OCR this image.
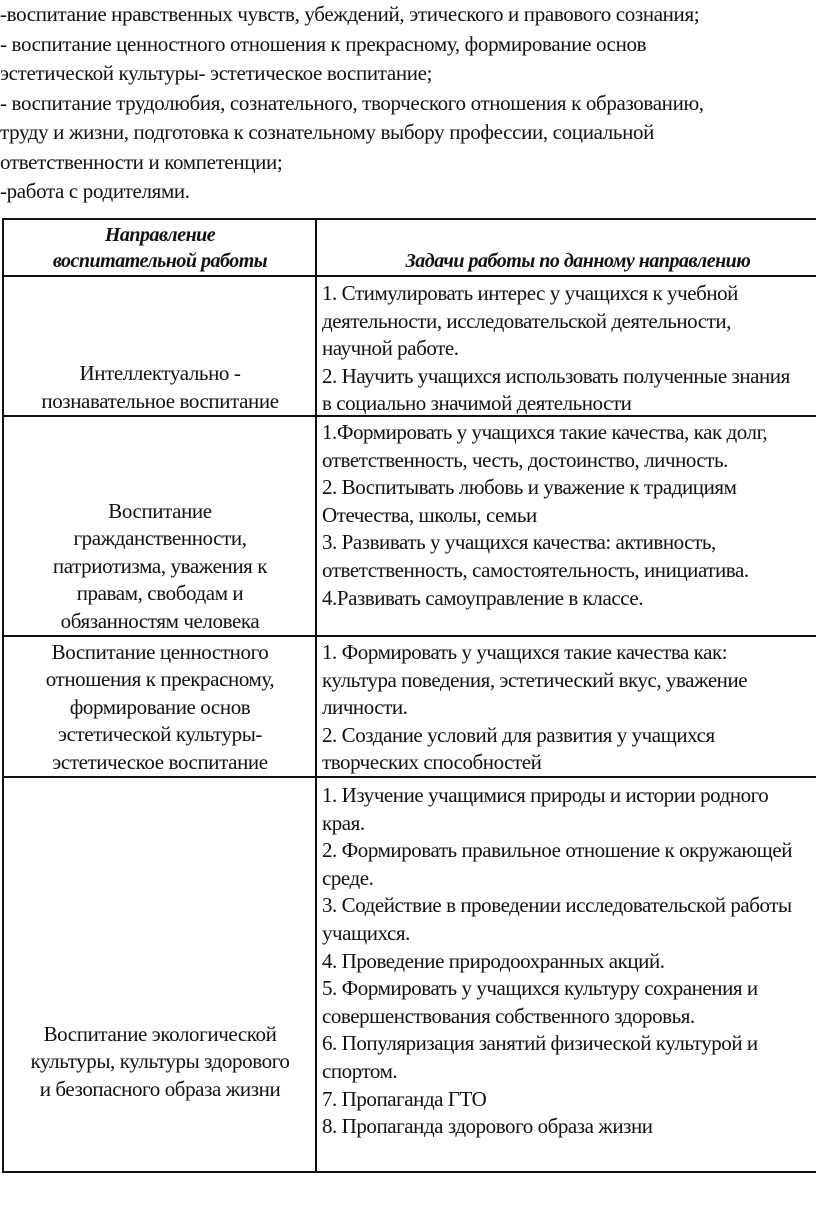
-воспитание нравственных чувств, убеждений, этического и правового сознания;
- воспитание ценностного отношения к прекрасному, формирование основ
эстетической культуры- эстетическое воспитание;
- воспитание трудолюбия, сознательного, творческого отношения к образованию,
труду и жизни, подготовка к сознательному выбору профессии, социальной
ответственности и компетенции;
-работа с родителями.
Направление
воспитательной работы	Задачи работы по данному направлению
Интеллектуально -
познавательное воспитание
1. Стимулировать интерес у учащихся к учебной
деятельности, исследовательской деятельности,
научной работе.
2. Научить учащихся использовать полученные знания
в социально значимой деятельности
Воспитание
гражданственности,
патриотизма, уважения к
правам, свободам и
обязанностям человека
1.Формировать у учащихся такие качества, как долг,
ответственность, честь, достоинство, личность.
2. Воспитывать любовь и уважение к традициям
Отечества, школы, семьи
3. Развивать у учащихся качества: активность,
ответственность, самостоятельность, инициатива.
4.Развивать самоуправление в классе.
Воспитание ценностного
отношения к прекрасному,
формирование основ
эстетической культуры-
эстетическое воспитание
1. Формировать у учащихся такие качества как:
культура поведения, эстетический вкус, уважение
личности.
2. Создание условий для развития у учащихся
творческих способностей
Воспитание экологической
культуры, культуры здорового
и безопасного образа жизни
1. Изучение учащимися природы и истории родного
края.
2. Формировать правильное отношение к окружающей
среде.
3. Содействие в проведении исследовательской работы
учащихся.
4. Проведение природоохранных акций.
5. Формировать у учащихся культуру сохранения и
совершенствования собственного здоровья.
6. Популяризация занятий физической культурой и
спортом.
7. Пропаганда ГТО
8. Пропаганда здорового образа жизни
